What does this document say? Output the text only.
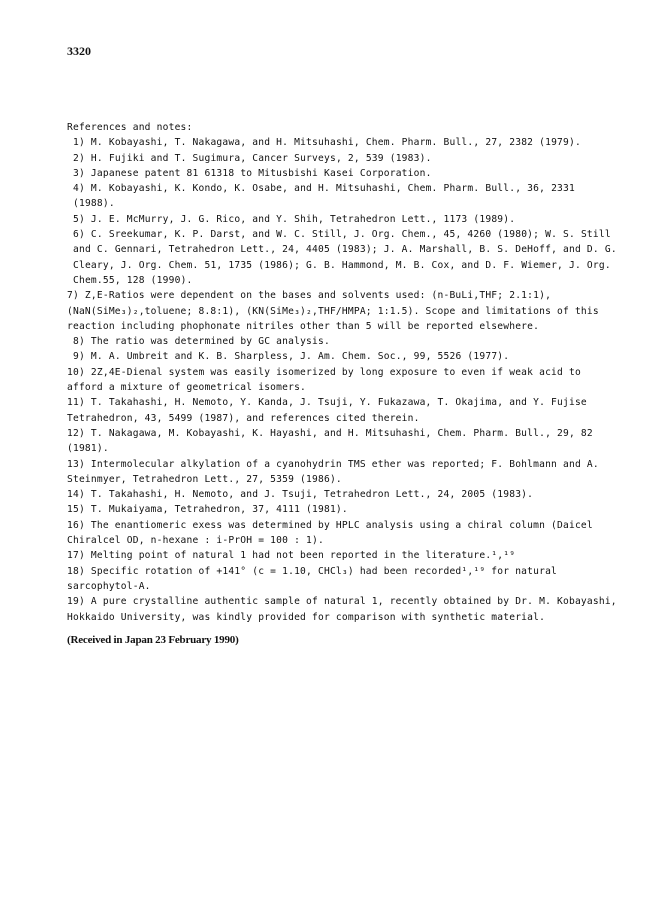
3320

References and notes:

1) M. Kobayashi, T. Nakagawa, and H. Mitsuhashi, Chem. Pharm. Bull., 27, 2382 (1979).

2) H. Fujiki and T. Sugimura, Cancer Surveys, 2, 539 (1983).

3) Japanese patent 81 61318 to Mitusbishi Kasei Corporation.

4) M. Kobayashi, K. Kondo, K. Osabe, and H. Mitsuhashi, Chem. Pharm. Bull., 36, 2331 (1988).

5) J. E. McMurry, J. G. Rico, and Y. Shih, Tetrahedron Lett., 1173 (1989).

6) C. Sreekumar, K. P. Darst, and W. C. Still, J. Org. Chem., 45, 4260 (1980); W. S. Still and C. Gennari, Tetrahedron Lett., 24, 4405 (1983); J. A. Marshall, B. S. DeHoff, and D. G. Cleary, J. Org. Chem. 51, 1735 (1986); G. B. Hammond, M. B. Cox, and D. F. Wiemer, J. Org. Chem.55, 128 (1990).

7) Z,E-Ratios were dependent on the bases and solvents used: (n-BuLi,THF; 2.1:1), (NaN(SiMe₃)₂,toluene; 8.8:1), (KN(SiMe₃)₂,THF/HMPA; 1:1.5). Scope and limitations of this reaction including phophonate nitriles other than 5 will be reported elsewhere.

8) The ratio was determined by GC analysis.

9) M. A. Umbreit and K. B. Sharpless, J. Am. Chem. Soc., 99, 5526 (1977).

10) 2Z,4E-Dienal system was easily isomerized by long exposure to even if weak acid to afford a mixture of geometrical isomers.

11) T. Takahashi, H. Nemoto, Y. Kanda, J. Tsuji, Y. Fukazawa, T. Okajima, and Y. Fujise Tetrahedron, 43, 5499 (1987), and references cited therein.

12) T. Nakagawa, M. Kobayashi, K. Hayashi, and H. Mitsuhashi, Chem. Pharm. Bull., 29, 82 (1981).

13) Intermolecular alkylation of a cyanohydrin TMS ether was reported; F. Bohlmann and A. Steinmyer, Tetrahedron Lett., 27, 5359 (1986).

14) T. Takahashi, H. Nemoto, and J. Tsuji, Tetrahedron Lett., 24, 2005 (1983).

15) T. Mukaiyama, Tetrahedron, 37, 4111 (1981).

16) The enantiomeric exess was determined by HPLC analysis using a chiral column (Daicel Chiralcel OD, n-hexane : i-PrOH = 100 : 1).

17) Melting point of natural 1 had not been reported in the literature.¹,¹⁹

18) Specific rotation of +141° (c = 1.10, CHCl₃) had been recorded¹,¹⁹ for natural sarcophytol-A.

19) A pure crystalline authentic sample of natural 1, recently obtained by Dr. M. Kobayashi, Hokkaido University, was kindly provided for comparison with synthetic material.

(Received in Japan 23 February 1990)
